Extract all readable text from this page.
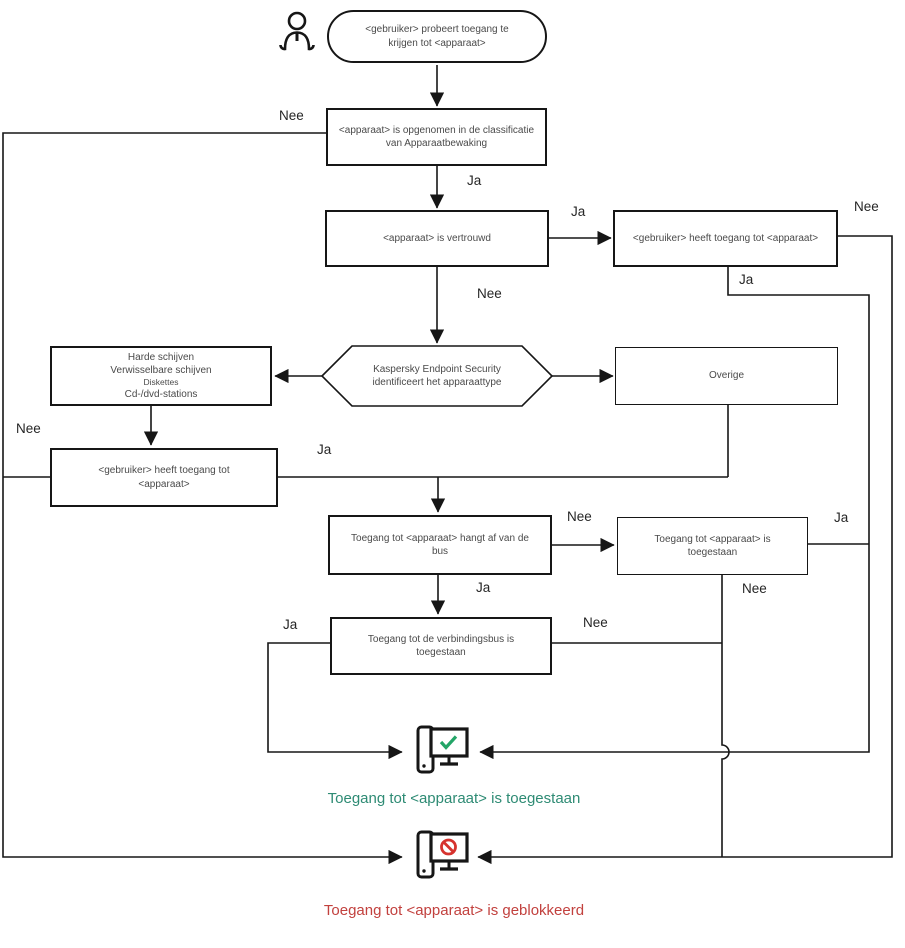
<gebruiker> probeert toegang te
krijgen tot <apparaat>
<apparaat> is opgenomen in de classificatie
van Apparaatbewaking
<apparaat> is vertrouwd	<gebruiker> heeft toegang tot <apparaat>
Kaspersky Endpoint Security
identificeert het apparaattype
Harde schijven
Verwisselbare schijven
Diskettes
Cd-/dvd-stations
Overige
<gebruiker> heeft toegang tot
<apparaat>
Toegang tot <apparaat> hangt af van de
bus
Toegang tot <apparaat> is
toegestaan
Toegang tot de verbindingsbus is
toegestaan
Nee
Ja
Ja	Nee
Ja
Nee
Nee
Ja
Nee	Ja
Nee
Ja
Ja	Nee
Toegang tot <apparaat> is toegestaan
Toegang tot <apparaat> is geblokkeerd
